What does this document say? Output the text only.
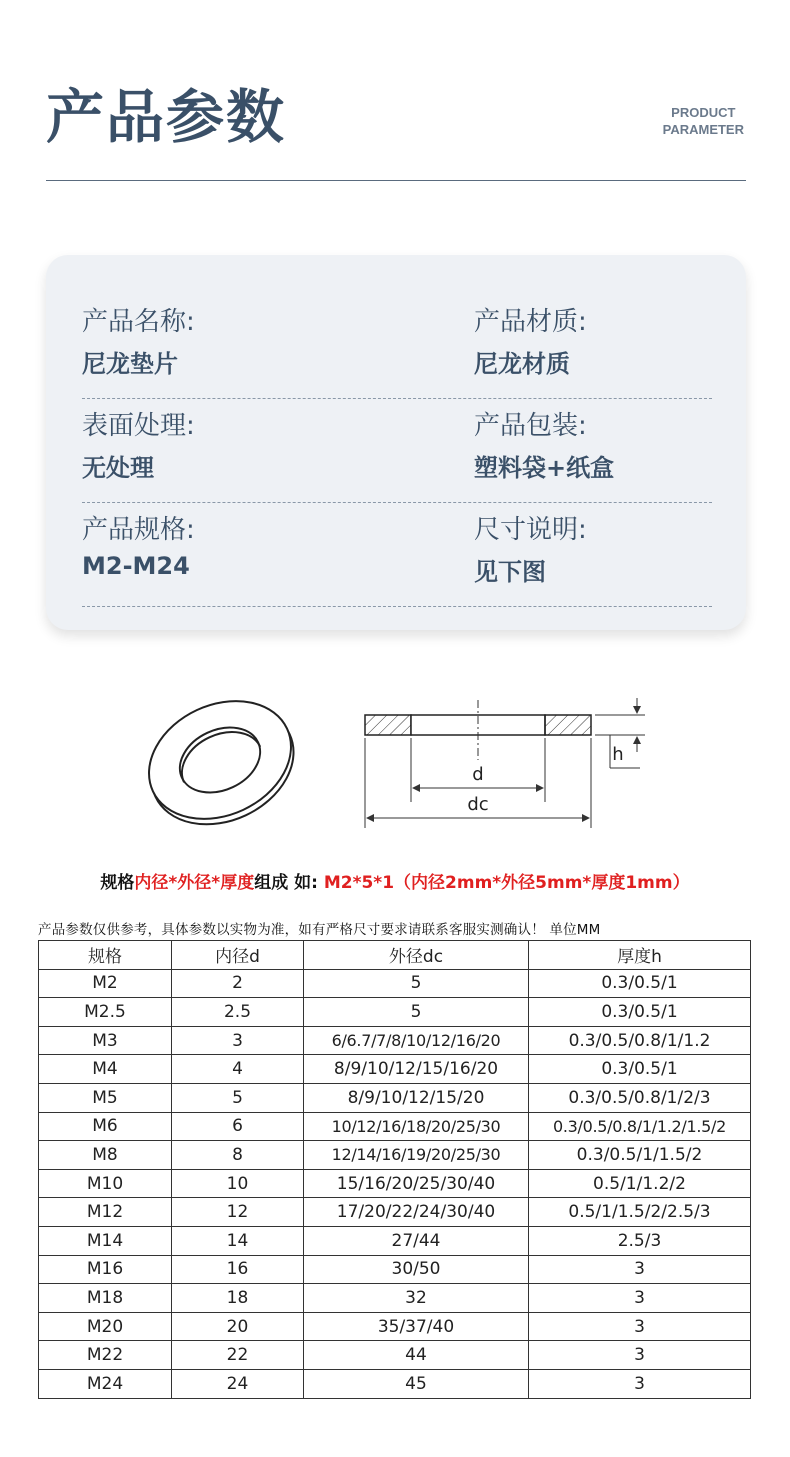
产品参数	PRODUCT
PARAMETER
产品名称:
尼龙垫片
产品材质:
尼龙材质
表面处理:
无处理
产品包装:
塑料袋+纸盒
产品规格:
M2-M24
尺寸说明:
见下图
d
dc
h
规格内径*外径*厚度组成 如: M2*5*1（内径2mm*外径5mm*厚度1mm）
产品参数仅供参考，具体参数以实物为准，如有严格尺寸要求请联系客服实测确认！ 单位MM
规格	内径d	外径dc	厚度h
M2	2	5	0.3/0.5/1
M2.5	2.5	5	0.3/0.5/1
M3	3	6/6.7/7/8/10/12/16/20	0.3/0.5/0.8/1/1.2
M4	4	8/9/10/12/15/16/20	0.3/0.5/1
M5	5	8/9/10/12/15/20	0.3/0.5/0.8/1/2/3
M6	6	10/12/16/18/20/25/30	0.3/0.5/0.8/1/1.2/1.5/2
M8	8	12/14/16/19/20/25/30	0.3/0.5/1/1.5/2
M10	10	15/16/20/25/30/40	0.5/1/1.2/2
M12	12	17/20/22/24/30/40	0.5/1/1.5/2/2.5/3
M14	14	27/44	2.5/3
M16	16	30/50	3
M18	18	32	3
M20	20	35/37/40	3
M22	22	44	3
M24	24	45	3
